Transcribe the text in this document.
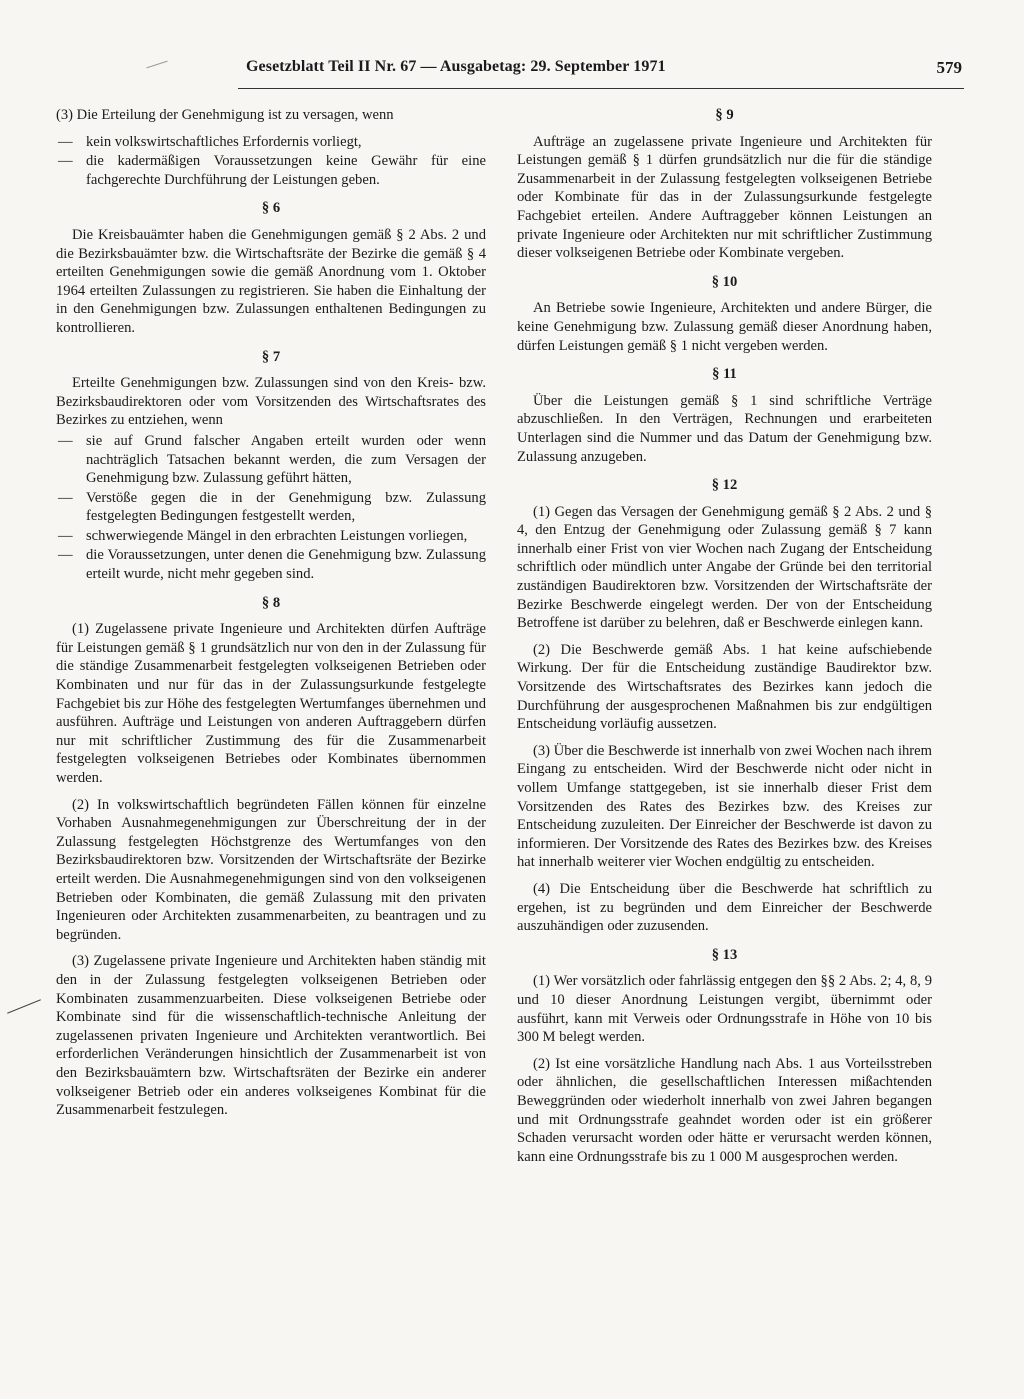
Gesetzblatt Teil II Nr. 67 — Ausgabetag: 29. September 1971	579

(3) Die Erteilung der Genehmigung ist zu versagen, wenn

— kein volkswirtschaftliches Erfordernis vorliegt,
— die kadermäßigen Voraussetzungen keine Gewähr für eine fachgerechte Durchführung der Leistungen geben.
§ 6

Die Kreisbauämter haben die Genehmigungen gemäß § 2 Abs. 2 und die Bezirksbauämter bzw. die Wirtschaftsräte der Bezirke die gemäß § 4 erteilten Genehmigungen sowie die gemäß Anordnung vom 1. Oktober 1964 erteilten Zulassungen zu registrieren. Sie haben die Einhaltung der in den Genehmigungen bzw. Zulassungen enthaltenen Bedingungen zu kontrollieren.

§ 7

Erteilte Genehmigungen bzw. Zulassungen sind von den Kreis- bzw. Bezirksbaudirektoren oder vom Vorsitzenden des Wirtschaftsrates des Bezirkes zu entziehen, wenn

— sie auf Grund falscher Angaben erteilt wurden oder wenn nachträglich Tatsachen bekannt werden, die zum Versagen der Genehmigung bzw. Zulassung geführt hätten,
— Verstöße gegen die in der Genehmigung bzw. Zulassung festgelegten Bedingungen festgestellt werden,
— schwerwiegende Mängel in den erbrachten Leistungen vorliegen,
— die Voraussetzungen, unter denen die Genehmigung bzw. Zulassung erteilt wurde, nicht mehr gegeben sind.
§ 8

(1) Zugelassene private Ingenieure und Architekten dürfen Aufträge für Leistungen gemäß § 1 grundsätzlich nur von den in der Zulassung für die ständige Zusammenarbeit festgelegten volkseigenen Betrieben oder Kombinaten und nur für das in der Zulassungsurkunde festgelegte Fachgebiet bis zur Höhe des festgelegten Wertumfanges übernehmen und ausführen. Aufträge und Leistungen von anderen Auftraggebern dürfen nur mit schriftlicher Zustimmung des für die Zusammenarbeit festgelegten volkseigenen Betriebes oder Kombinates übernommen werden.

(2) In volkswirtschaftlich begründeten Fällen können für einzelne Vorhaben Ausnahmegenehmigungen zur Überschreitung der in der Zulassung festgelegten Höchstgrenze des Wertumfanges von den Bezirksbaudirektoren bzw. Vorsitzenden der Wirtschaftsräte der Bezirke erteilt werden. Die Ausnahmegenehmigungen sind von den volkseigenen Betrieben oder Kombinaten, die gemäß Zulassung mit den privaten Ingenieuren oder Architekten zusammenarbeiten, zu beantragen und zu begründen.

(3) Zugelassene private Ingenieure und Architekten haben ständig mit den in der Zulassung festgelegten volkseigenen Betrieben oder Kombinaten zusammenzuarbeiten. Diese volkseigenen Betriebe oder Kombinate sind für die wissenschaftlich-technische Anleitung der zugelassenen privaten Ingenieure und Architekten verantwortlich. Bei erforderlichen Veränderungen hinsichtlich der Zusammenarbeit ist von den Bezirksbauämtern bzw. Wirtschaftsräten der Bezirke ein anderer volkseigener Betrieb oder ein anderes volkseigenes Kombinat für die Zusammenarbeit festzulegen.

§ 9

Aufträge an zugelassene private Ingenieure und Architekten für Leistungen gemäß § 1 dürfen grundsätzlich nur die für die ständige Zusammenarbeit in der Zulassung festgelegten volkseigenen Betriebe oder Kombinate für das in der Zulassungsurkunde festgelegte Fachgebiet erteilen. Andere Auftraggeber können Leistungen an private Ingenieure oder Architekten nur mit schriftlicher Zustimmung dieser volkseigenen Betriebe oder Kombinate vergeben.

§ 10

An Betriebe sowie Ingenieure, Architekten und andere Bürger, die keine Genehmigung bzw. Zulassung gemäß dieser Anordnung haben, dürfen Leistungen gemäß § 1 nicht vergeben werden.

§ 11

Über die Leistungen gemäß § 1 sind schriftliche Verträge abzuschließen. In den Verträgen, Rechnungen und erarbeiteten Unterlagen sind die Nummer und das Datum der Genehmigung bzw. Zulassung anzugeben.

§ 12

(1) Gegen das Versagen der Genehmigung gemäß § 2 Abs. 2 und § 4, den Entzug der Genehmigung oder Zulassung gemäß § 7 kann innerhalb einer Frist von vier Wochen nach Zugang der Entscheidung schriftlich oder mündlich unter Angabe der Gründe bei den territorial zuständigen Baudirektoren bzw. Vorsitzenden der Wirtschaftsräte der Bezirke Beschwerde eingelegt werden. Der von der Entscheidung Betroffene ist darüber zu belehren, daß er Beschwerde einlegen kann.

(2) Die Beschwerde gemäß Abs. 1 hat keine aufschiebende Wirkung. Der für die Entscheidung zuständige Baudirektor bzw. Vorsitzende des Wirtschaftsrates des Bezirkes kann jedoch die Durchführung der ausgesprochenen Maßnahmen bis zur endgültigen Entscheidung vorläufig aussetzen.

(3) Über die Beschwerde ist innerhalb von zwei Wochen nach ihrem Eingang zu entscheiden. Wird der Beschwerde nicht oder nicht in vollem Umfange stattgegeben, ist sie innerhalb dieser Frist dem Vorsitzenden des Rates des Bezirkes bzw. des Kreises zur Entscheidung zuzuleiten. Der Einreicher der Beschwerde ist davon zu informieren. Der Vorsitzende des Rates des Bezirkes bzw. des Kreises hat innerhalb weiterer vier Wochen endgültig zu entscheiden.

(4) Die Entscheidung über die Beschwerde hat schriftlich zu ergehen, ist zu begründen und dem Einreicher der Beschwerde auszuhändigen oder zuzusenden.

§ 13

(1) Wer vorsätzlich oder fahrlässig entgegen den §§ 2 Abs. 2; 4, 8, 9 und 10 dieser Anordnung Leistungen vergibt, übernimmt oder ausführt, kann mit Verweis oder Ordnungsstrafe in Höhe von 10 bis 300 M belegt werden.

(2) Ist eine vorsätzliche Handlung nach Abs. 1 aus Vorteilsstreben oder ähnlichen, die gesellschaftlichen Interessen mißachtenden Beweggründen oder wiederholt innerhalb von zwei Jahren begangen und mit Ordnungsstrafe geahndet worden oder ist ein größerer Schaden verursacht worden oder hätte er verursacht werden können, kann eine Ordnungsstrafe bis zu 1 000 M ausgesprochen werden.
